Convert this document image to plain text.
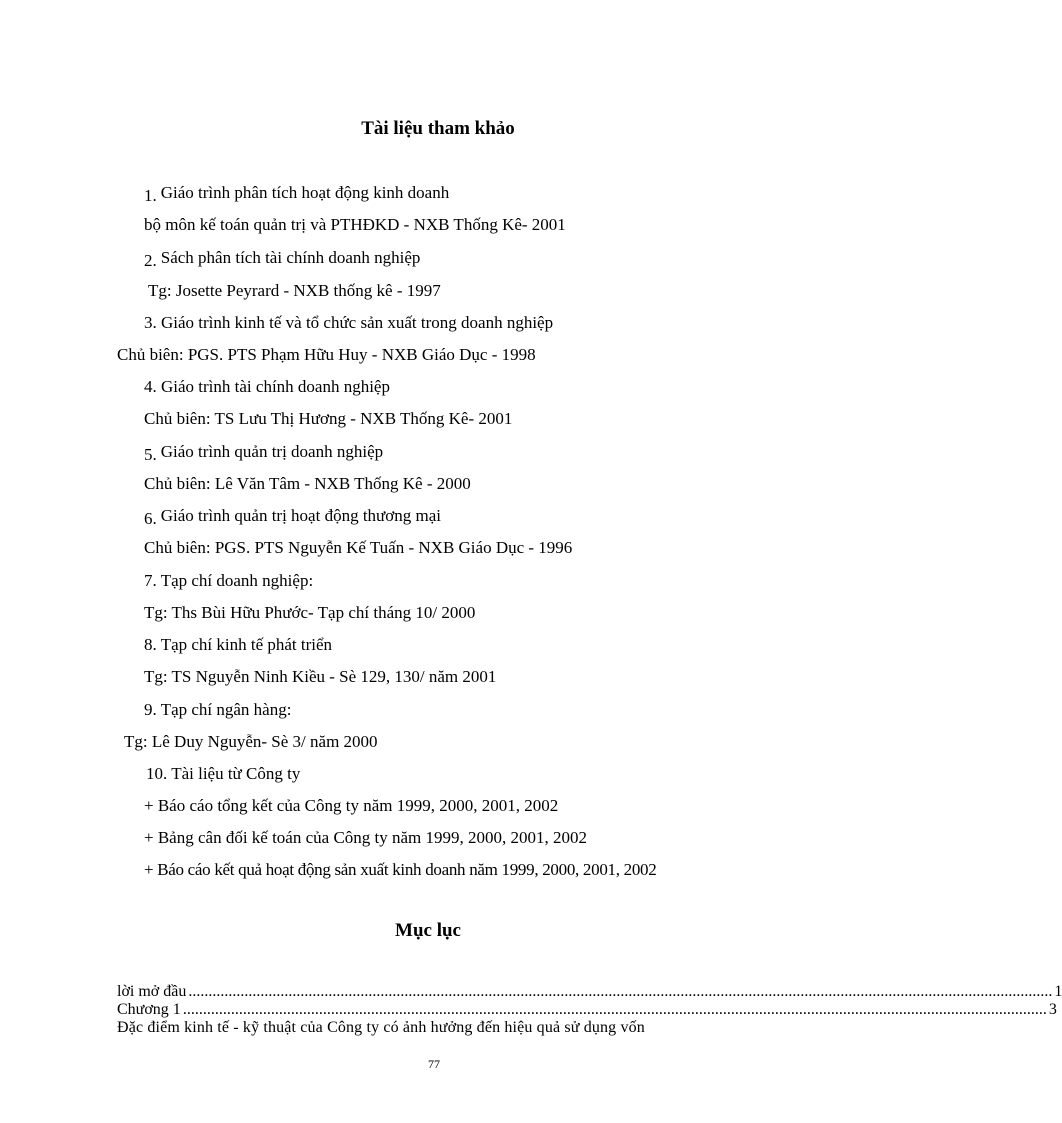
Tài liệu tham khảo
1. Giáo trình phân tích hoạt động kinh doanh
bộ môn kế toán quản trị và PTHĐKD - NXB Thống Kê- 2001
2. Sách phân tích tài chính doanh nghiệp
Tg: Josette Peyrard - NXB thống kê - 1997
3. Giáo trình kinh tế và tổ chức sản xuất trong doanh nghiệp
Chủ biên: PGS. PTS Phạm Hữu Huy - NXB Giáo Dục - 1998
4. Giáo trình tài chính doanh nghiệp
Chủ biên: TS Lưu Thị Hương - NXB Thống Kê- 2001
5. Giáo trình quản trị doanh nghiệp
Chủ biên: Lê Văn Tâm - NXB Thống Kê - 2000
6. Giáo trình quản trị hoạt động thương mại
Chủ biên: PGS. PTS Nguyễn Kế Tuấn - NXB Giáo Dục - 1996
7. Tạp chí doanh nghiệp:
Tg: Ths Bùi Hữu Phước- Tạp chí tháng 10/ 2000
8. Tạp chí kinh tế phát triển
Tg: TS Nguyễn Ninh Kiều - Sè 129, 130/ năm 2001
9. Tạp chí ngân hàng:
Tg: Lê Duy Nguyễn- Sè 3/ năm 2000
10. Tài liệu từ Công ty
+ Báo cáo tổng kết của Công ty năm 1999, 2000, 2001, 2002
+ Bảng cân đối kế toán của Công ty năm 1999, 2000, 2001, 2002
+ Báo cáo kết quả hoạt động sản xuất kinh doanh năm 1999, 2000, 2001, 2002
Mục lục
lời mở đầu ........................................................................................................................................................................................................................ 1
Chương 1 ........................................................................................................................................................................................................................ 3
Đặc điểm kinh tế - kỹ thuật của Công ty có ảnh hưởng đến hiệu quả sử dụng vốn
77
